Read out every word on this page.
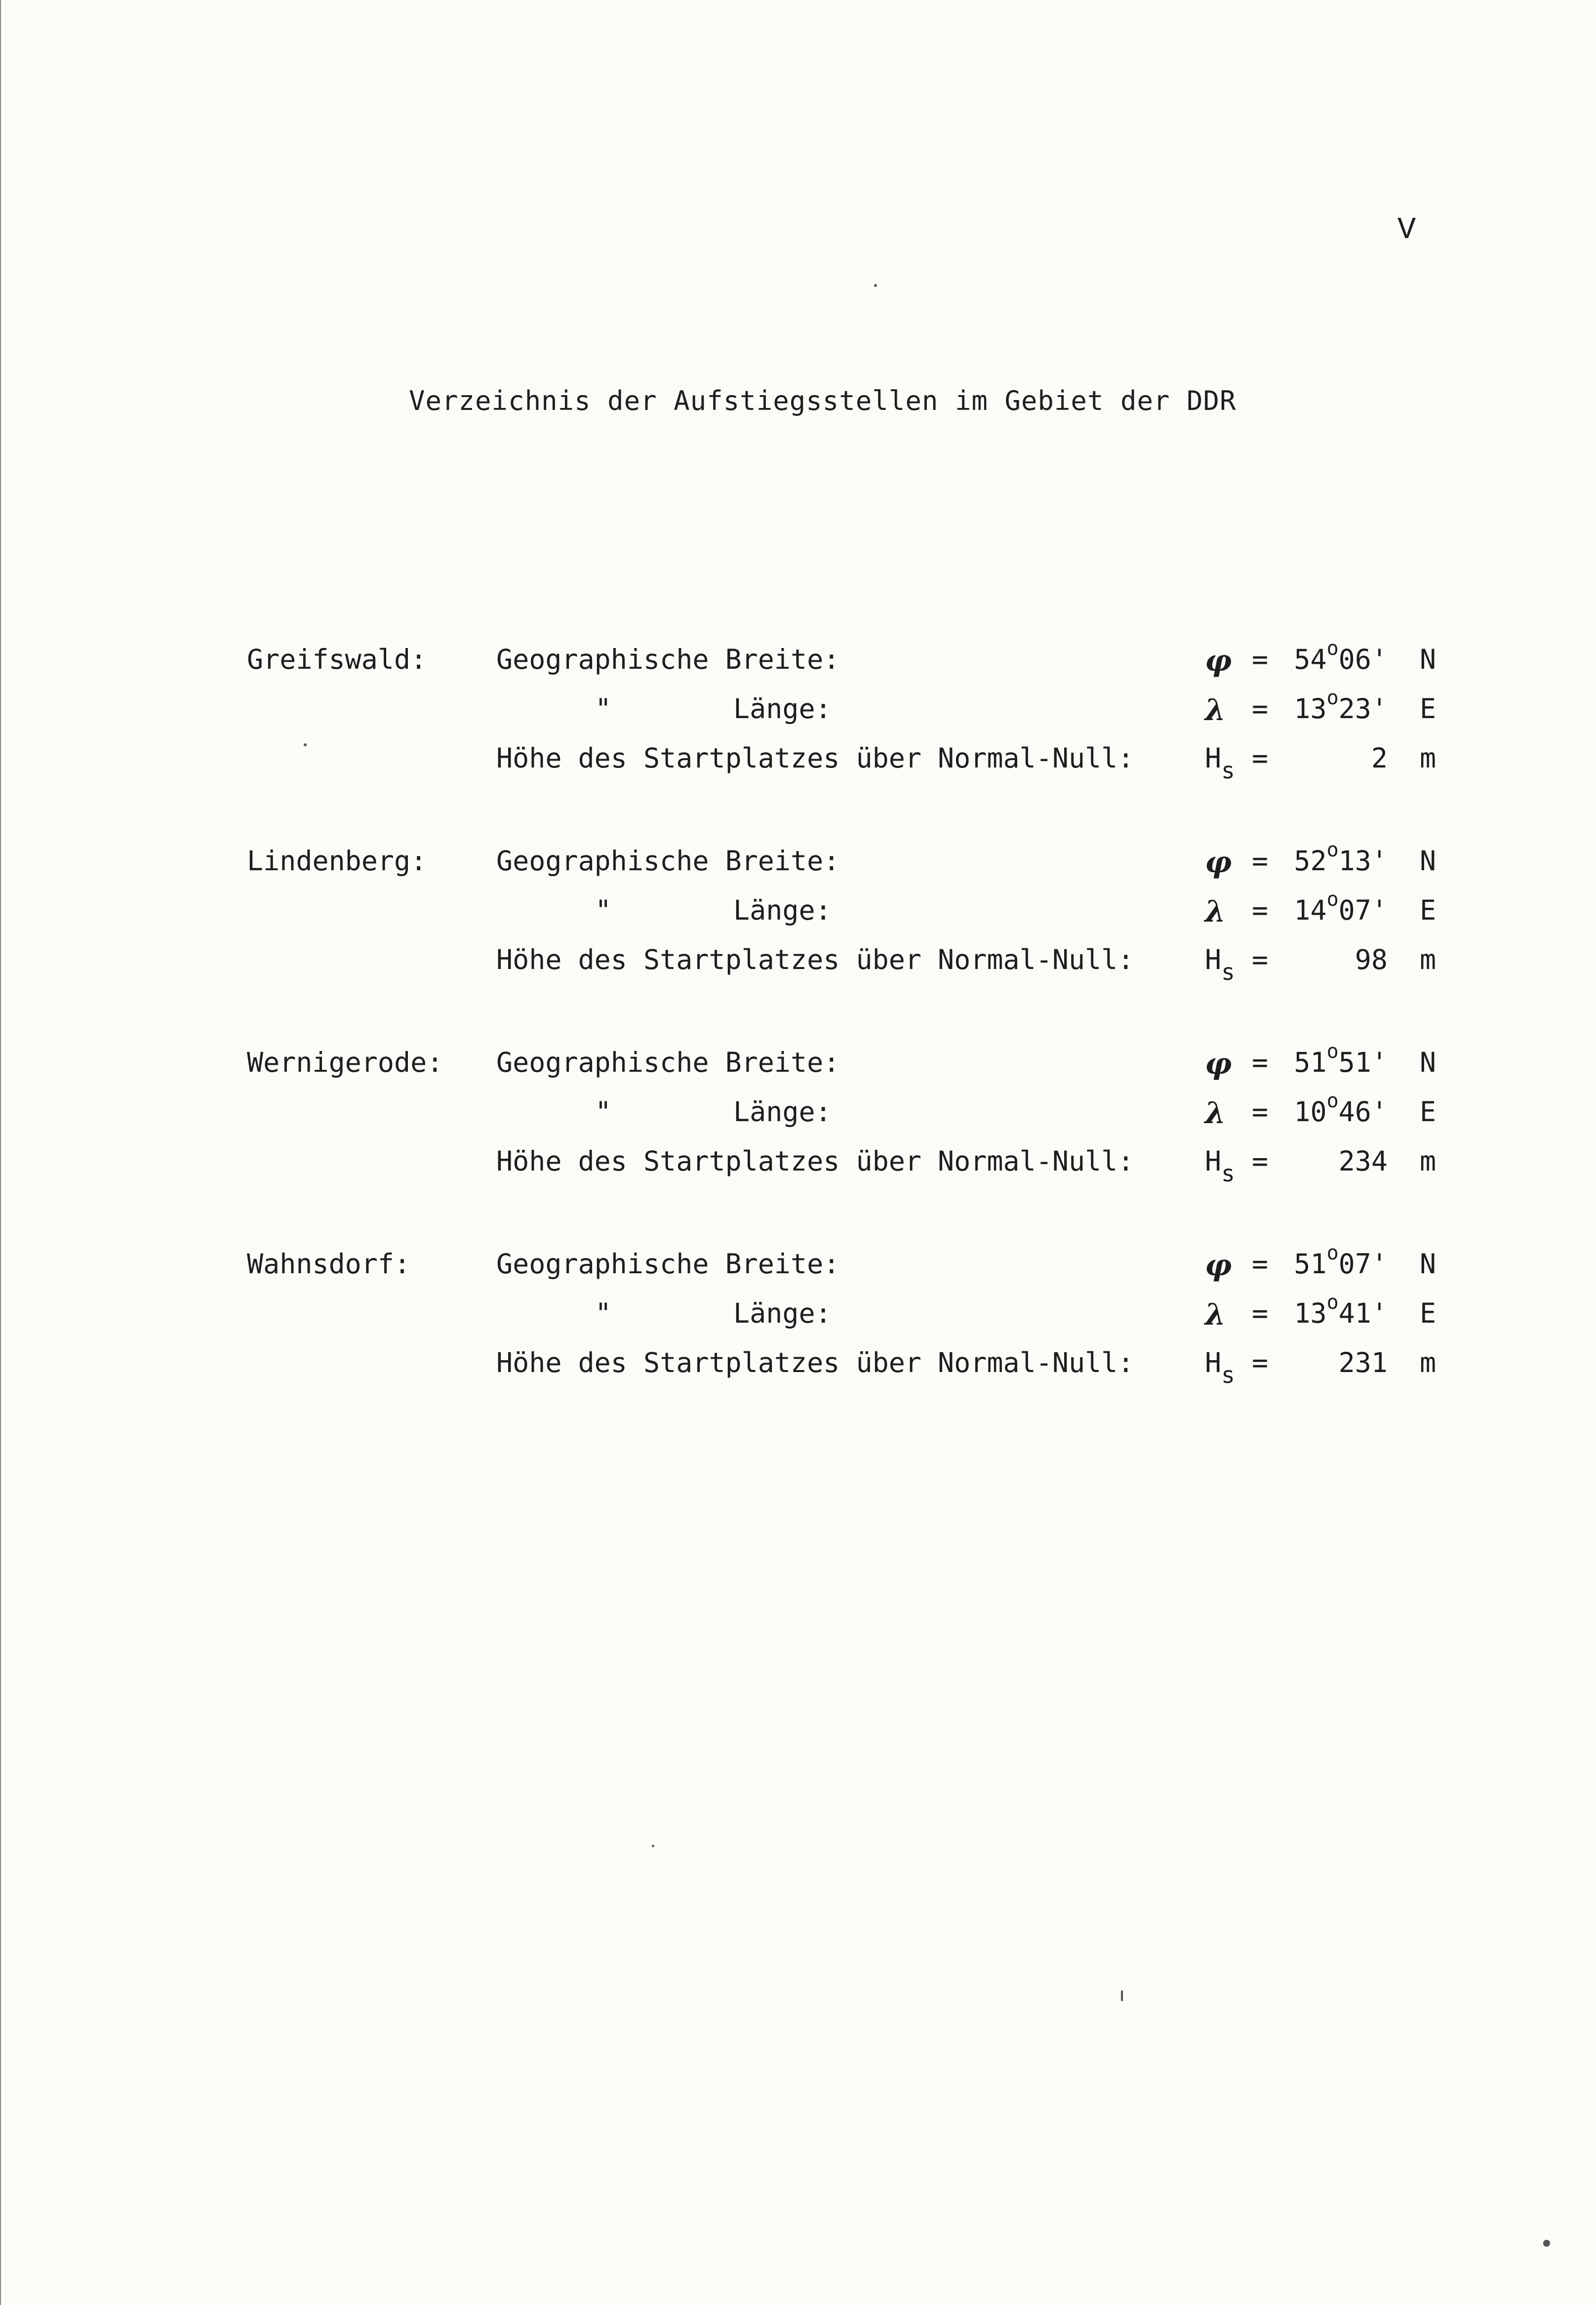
V
Verzeichnis der Aufstiegsstellen im Gebiet der DDR
Greifswald:	Geographische Breite:	$\varphi = 54^o06'$ N
"	Länge:	$\lambda = 13^o23'$ E
Höhe des Startplatzes über Normal-Null:	$H_s$ =	2 m
Lindenberg:	Geographische Breite:	$\varphi = 52^o13'$ N
"	Länge:	$\lambda = 14^o07'$ E
Höhe des Startplatzes über Normal-Null:	$H_s$ =	98 m
Wernigerode: Geographische Breite:	$\varphi = 51^o51'$ N
"	Länge:	$\lambda = 10^o46'$ E
Höhe des Startplatzes über Normal-Null:	$H_s$ =	234 m
Wahnsdorf:	Geographische Breite:	$\varphi = 51^o07'$ N
"	Länge:	$\lambda = 13^o41'$ E
Höhe des Startplatzes über Normal-Null:	$H_s$ =	231 m
